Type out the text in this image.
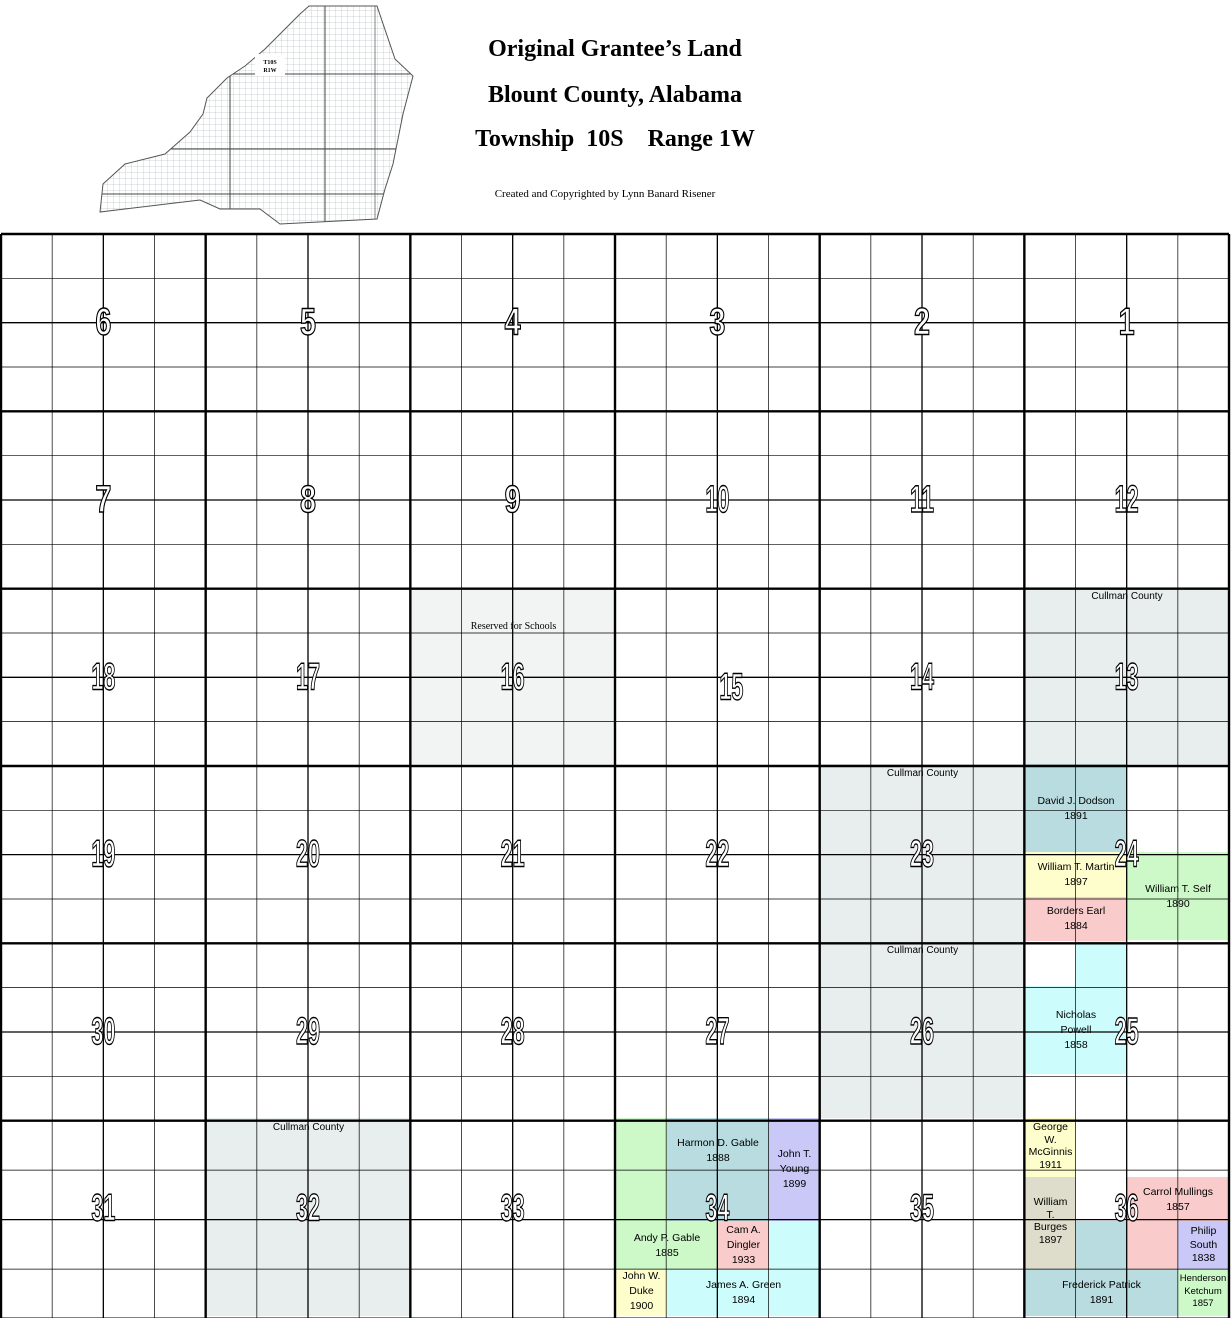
T10S
R1W
Original Grantee’s Land
Blount County, Alabama
Township  10S    Range 1W
Created and Copyrighted by Lynn Banard Risener
6	5	4	3	2	1
7	8	9	10	11	12
18	17	16	15	14	13
19	20	21	22	23	24
30	29	28	27	26	25
31	32	33	34	35	36
Reserved for Schools
Cullman County
Cullman County
Cullman County
Cullman County
David J. Dodson
1891
William T. Martin
1897
William T. Self
1890
Borders Earl
1884
Nicholas
Powell
1858
Harmon D. Gable
1888	John T.
Young
1899
Andy P. Gable
1885
Cam A.
Dingler
1933
John W.
Duke
1900
James A. Green
1894
George
W.
McGinnis
1911
William
T.
Burges
1897
Carrol Mullings
1857
Philip
South
1838
Frederick Patrick
1891
Henderson
Ketchum
1857
